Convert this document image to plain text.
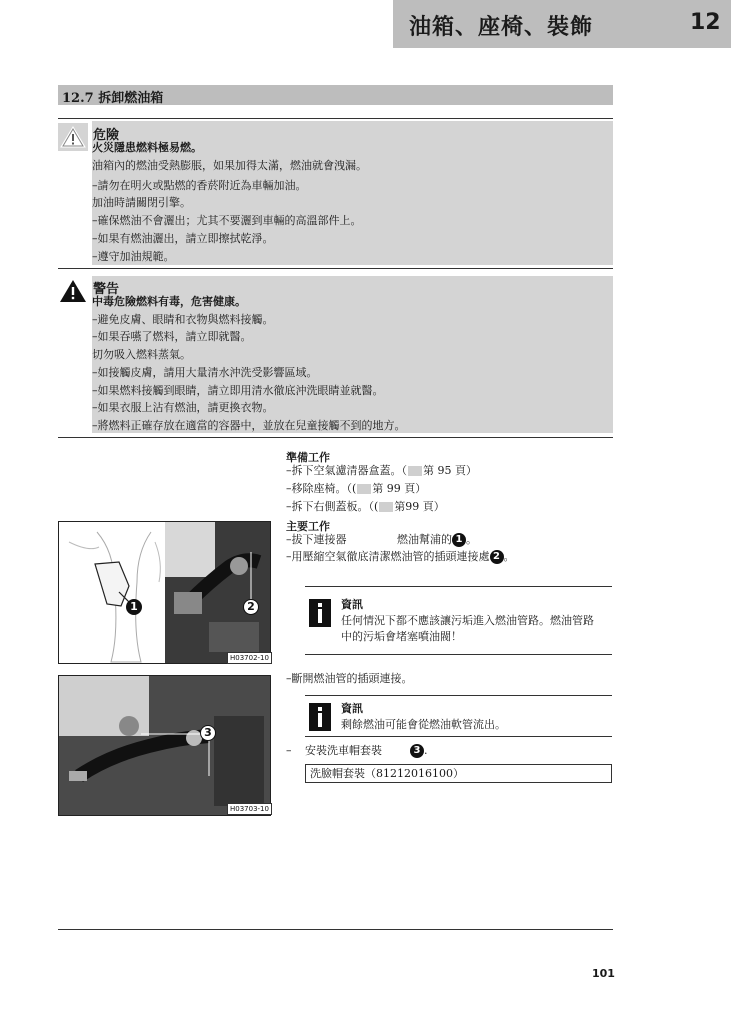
油箱、座椅、裝飾	12
12.7 拆卸燃油箱
危險
火災隱患燃料極易燃。
油箱內的燃油受熱膨脹，如果加得太滿，燃油就會洩漏。
–請勿在明火或點燃的香菸附近為車輛加油。
加油時請關閉引擎。
–確保燃油不會灑出；尤其不要灑到車輛的高溫部件上。
–如果有燃油灑出，請立即擦拭乾淨。
–遵守加油規範。
警告
中毒危險燃料有毒，危害健康。
–避免皮膚、眼睛和衣物與燃料接觸。
–如果吞嚥了燃料，請立即就醫。
切勿吸入燃料蒸氣。
–如接觸皮膚，請用大量清水沖洗受影響區域。
–如果燃料接觸到眼睛，請立即用清水徹底沖洗眼睛並就醫。
–如果衣服上沾有燃油，請更換衣物。
–將燃料正確存放在適當的容器中，並放在兒童接觸不到的地方。
準備工作
–拆下空氣濾清器盒蓋。（ 第 95 頁）
–移除座椅。（( 第 99 頁）
–拆下右側蓋板。（( 第99 頁）
主要工作
–拔下連接器	燃油幫浦的 1 。
–用壓縮空氣徹底清潔燃油管的插頭連接處 2 。
資訊
任何情況下都不應該讓污垢進入燃油管路。燃油管路
中的污垢會堵塞噴油閥！
–斷開燃油管的插頭連接。
資訊
剩餘燃油可能會從燃油軟管流出。
– 安裝洗車帽套裝	3 .
洗臉帽套裝（81212016100）
1	2
H03702-10
3
H03703-10
101
